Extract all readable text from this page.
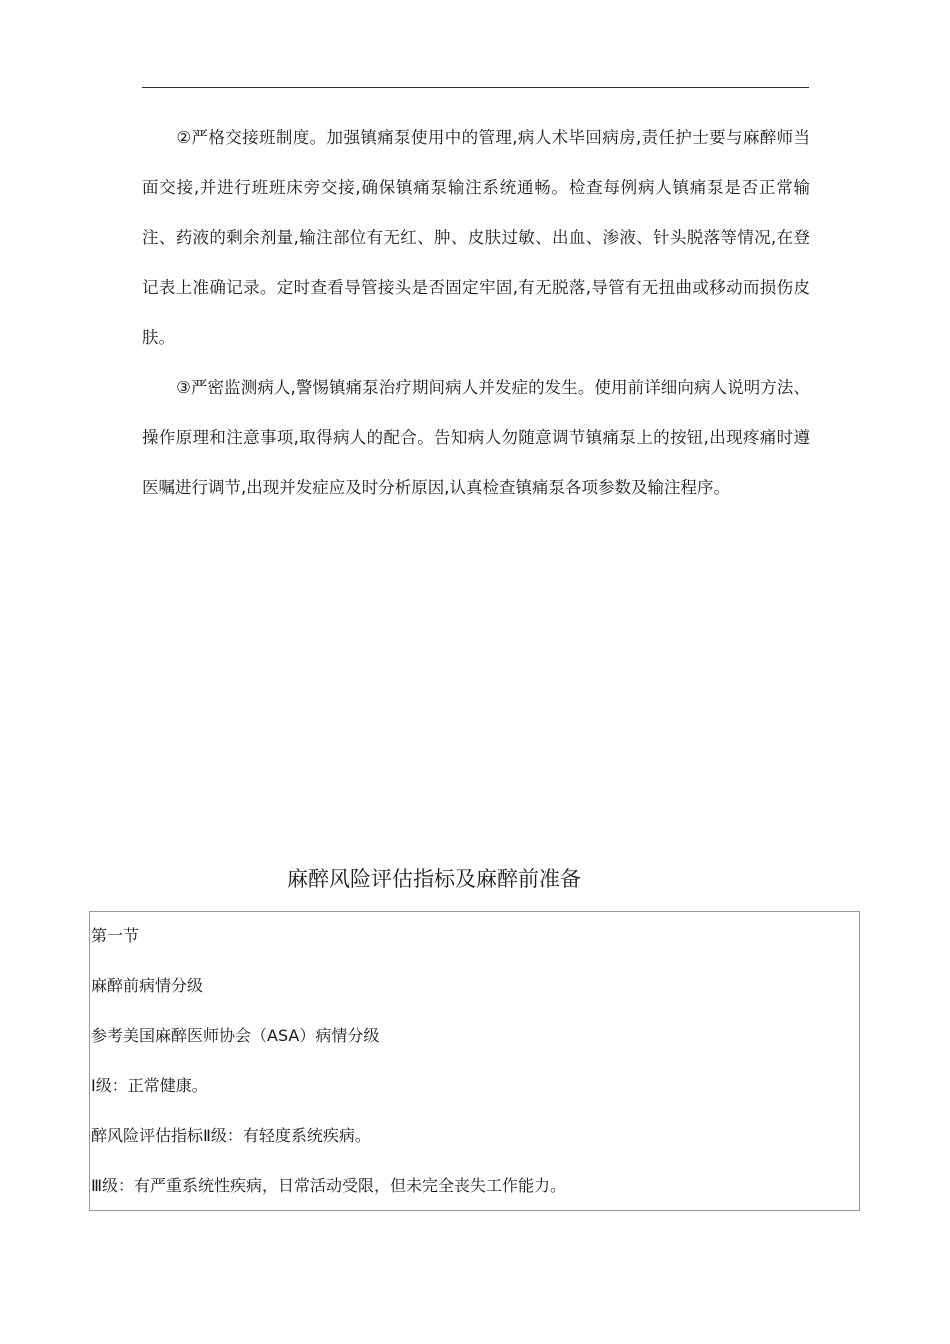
②严格交接班制度。加强镇痛泵使用中的管理,病人术毕回病房,责任护士要与麻醉师当面交接,并进行班班床旁交接,确保镇痛泵输注系统通畅。检查每例病人镇痛泵是否正常输注、药液的剩余剂量,输注部位有无红、肿、皮肤过敏、出血、渗液、针头脱落等情况,在登记表上准确记录。定时查看导管接头是否固定牢固,有无脱落,导管有无扭曲或移动而损伤皮肤。

③严密监测病人,警惕镇痛泵治疗期间病人并发症的发生。使用前详细向病人说明方法、操作原理和注意事项,取得病人的配合。告知病人勿随意调节镇痛泵上的按钮,出现疼痛时遵医嘱进行调节,出现并发症应及时分析原因,认真检查镇痛泵各项参数及输注程序。

麻醉风险评估指标及麻醉前准备
第一节
麻醉前病情分级
参考美国麻醉医师协会（ASA）病情分级
Ⅰ级：正常健康。
醉风险评估指标Ⅱ级：有轻度系统疾病。
Ⅲ级：有严重系统性疾病，日常活动受限，但未完全丧失工作能力。
